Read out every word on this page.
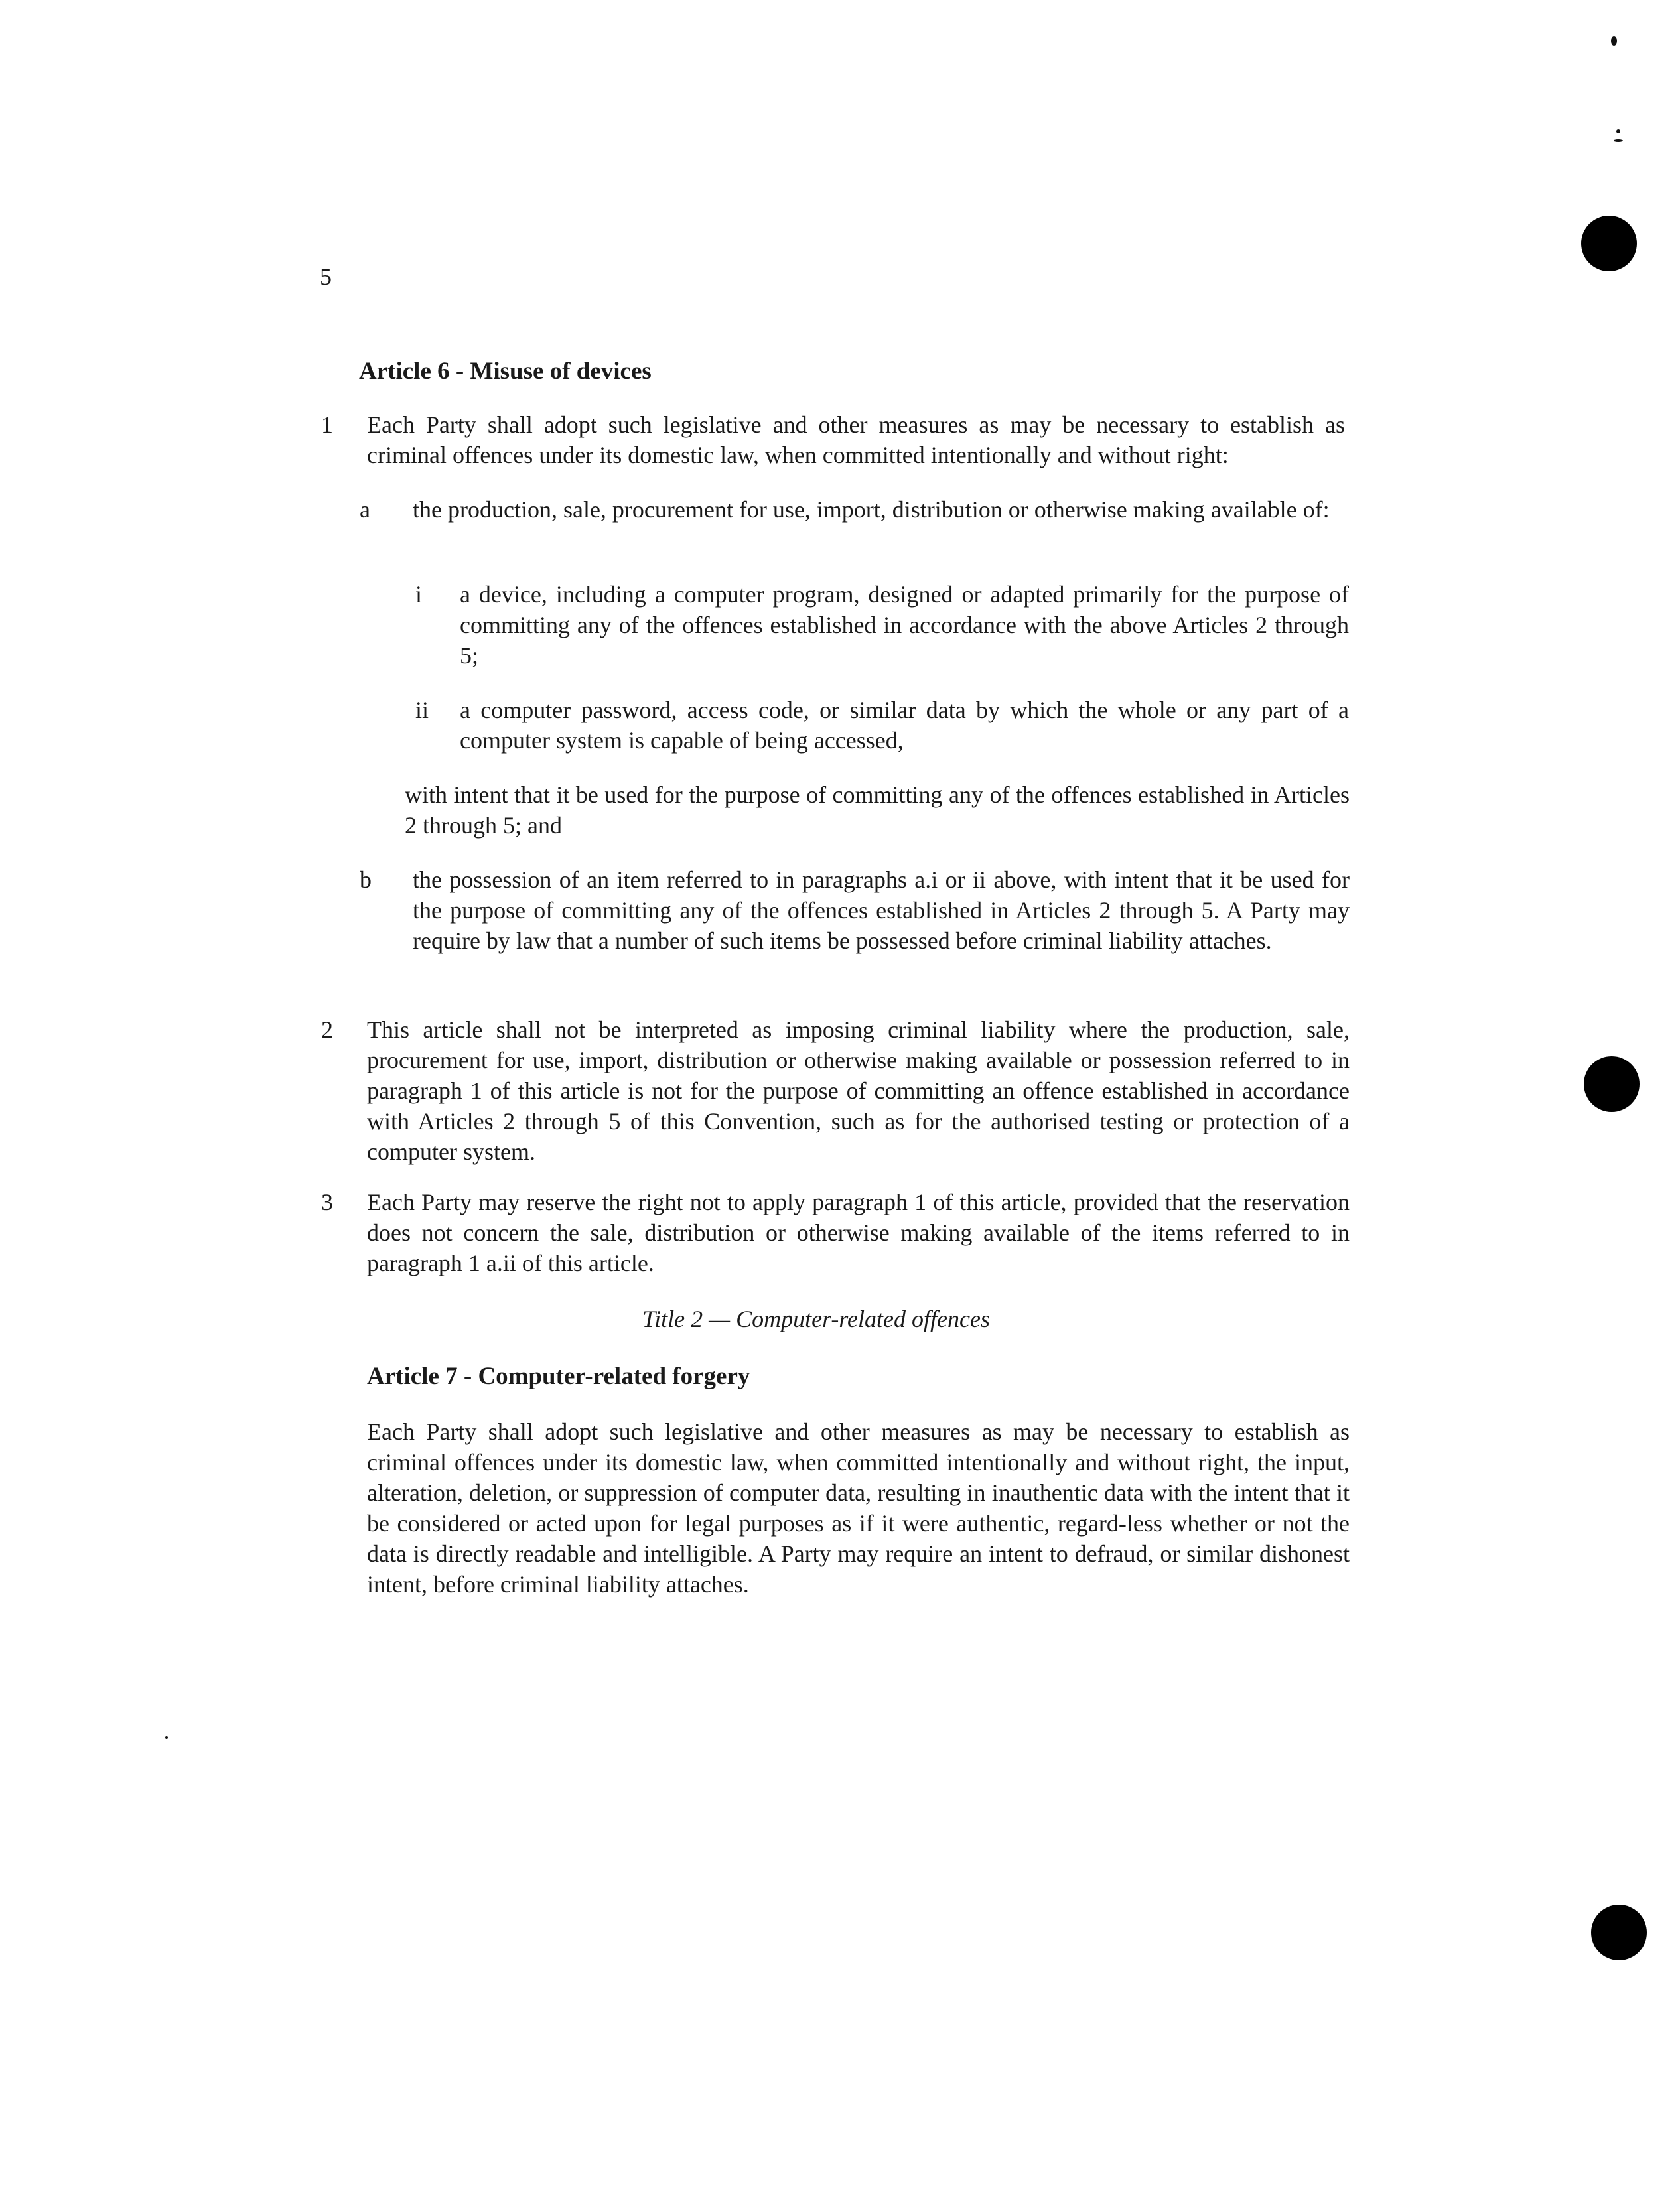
5
Article 6 - Misuse of devices
1 Each Party shall adopt such legislative and other measures as may be necessary to establish as criminal offences under its domestic law, when committed intentionally and without right:
a the production, sale, procurement for use, import, distribution or otherwise making available of:
i a device, including a computer program, designed or adapted primarily for the purpose of committing any of the offences established in accordance with the above Articles 2 through 5;
ii a computer password, access code, or similar data by which the whole or any part of a computer system is capable of being accessed,
with intent that it be used for the purpose of committing any of the offences established in Articles 2 through 5; and
b the possession of an item referred to in paragraphs a.i or ii above, with intent that it be used for the purpose of committing any of the offences established in Articles 2 through 5. A Party may require by law that a number of such items be possessed before criminal liability attaches.
2 This article shall not be interpreted as imposing criminal liability where the production, sale, procurement for use, import, distribution or otherwise making available or possession referred to in paragraph 1 of this article is not for the purpose of committing an offence established in accordance with Articles 2 through 5 of this Convention, such as for the authorised testing or protection of a computer system.
3 Each Party may reserve the right not to apply paragraph 1 of this article, provided that the reservation does not concern the sale, distribution or otherwise making available of the items referred to in paragraph 1 a.ii of this article.
Title 2 — Computer-related offences
Article 7 - Computer-related forgery
Each Party shall adopt such legislative and other measures as may be necessary to establish as criminal offences under its domestic law, when committed intentionally and without right, the input, alteration, deletion, or suppression of computer data, resulting in inauthentic data with the intent that it be considered or acted upon for legal purposes as if it were authentic, regard-less whether or not the data is directly readable and intelligible. A Party may require an intent to defraud, or similar dishonest intent, before criminal liability attaches.
